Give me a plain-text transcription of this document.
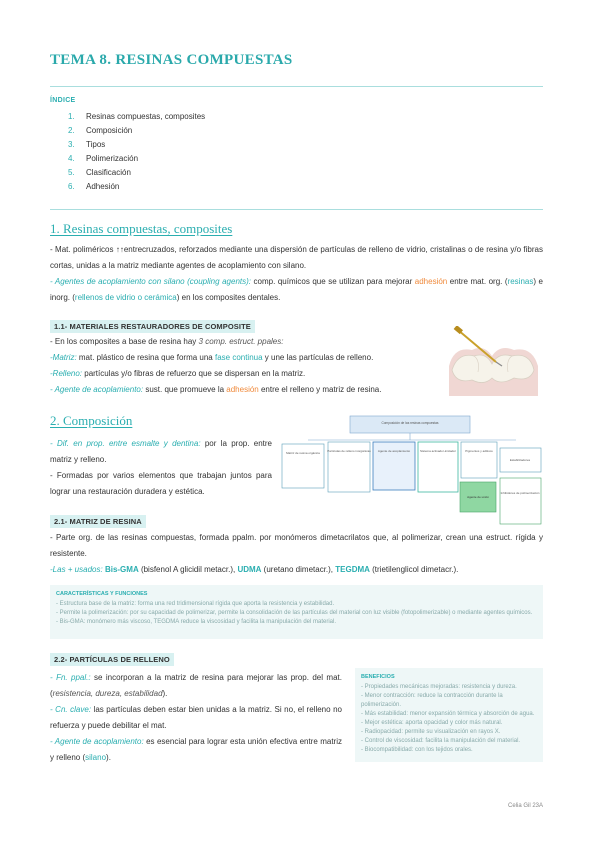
TEMA 8. RESINAS COMPUESTAS
ÍNDICE
1. Resinas compuestas, composites
2. Composición
3. Tipos
4. Polimerización
5. Clasificación
6. Adhesión
1. Resinas compuestas, composites
- Mat. poliméricos ↑↑entrecruzados, reforzados mediante una dispersión de partículas de relleno de vidrio, cristalinas o de resina y/o fibras cortas, unidas a la matriz mediante agentes de acoplamiento con silano.
- Agentes de acoplamiento con silano (coupling agents): comp. químicos que se utilizan para mejorar adhesión entre mat. org. (resinas) e inorg. (rellenos de vidrio o cerámica) en los composites dentales.
1.1- MATERIALES RESTAURADORES DE COMPOSITE
- En los composites a base de resina hay 3 comp. estruct. ppales:
-Matriz: mat. plástico de resina que forma una fase continua y une las partículas de relleno.
-Relleno: partículas y/o fibras de refuerzo que se dispersan en la matriz.
- Agente de acoplamiento: sust. que promueve la adhesión entre el relleno y matriz de resina.
2. Composición
- Dif. en prop. entre esmalte y dentina: por la prop. entre matriz y relleno.
- Formadas por varios elementos que trabajan juntos para lograr una restauración duradera y estética.
Composición de las resinas compuestas
Matriz de resina orgánica Partículas de relleno inorgánicas Agente de acoplamiento	Sistema activador-iniciador	Pigmentos y aditivos
Estabilizadores
Agente de unión
Inhibidores de polimerización
2.1- MATRIZ DE RESINA
- Parte org. de las resinas compuestas, formada ppalm. por monómeros dimetacrilatos que, al polimerizar, crean una estruct. rígida y resistente.
-Las + usados: Bis-GMA (bisfenol A glicidil metacr.), UDMA (uretano dimetacr.), TEGDMA (trietilenglicol dimetacr.).
CARACTERÍSTICAS Y FUNCIONES
- Estructura base de la matriz: forma una red tridimensional rígida que aporta la resistencia y estabilidad.
- Permite la polimerización: por su capacidad de polimerizar, permite la consolidación de las partículas del material con luz visible (fotopolimerizable) o mediante agentes químicos.
- Bis-GMA: monómero más viscoso, TEGDMA reduce la viscosidad y facilita la manipulación del material.
2.2- PARTÍCULAS DE RELLENO
- Fn. ppal.: se incorporan a la matriz de resina para mejorar las prop. del mat. (resistencia, dureza, estabilidad).
- Cn. clave: las partículas deben estar bien unidas a la matriz. Si no, el relleno no refuerza y puede debilitar el mat.
- Agente de acoplamiento: es esencial para lograr esta unión efectiva entre matriz y relleno (silano).
BENEFICIOS
- Propiedades mecánicas mejoradas: resistencia y dureza.
- Menor contracción: reduce la contracción durante la polimerización.
- Más estabilidad: menor expansión térmica y absorción de agua.
- Mejor estética: aporta opacidad y color más natural.
- Radiopacidad: permite su visualización en rayos X.
- Control de viscosidad: facilita la manipulación del material.
- Biocompatibilidad: con los tejidos orales.
Celia Gil 23A
